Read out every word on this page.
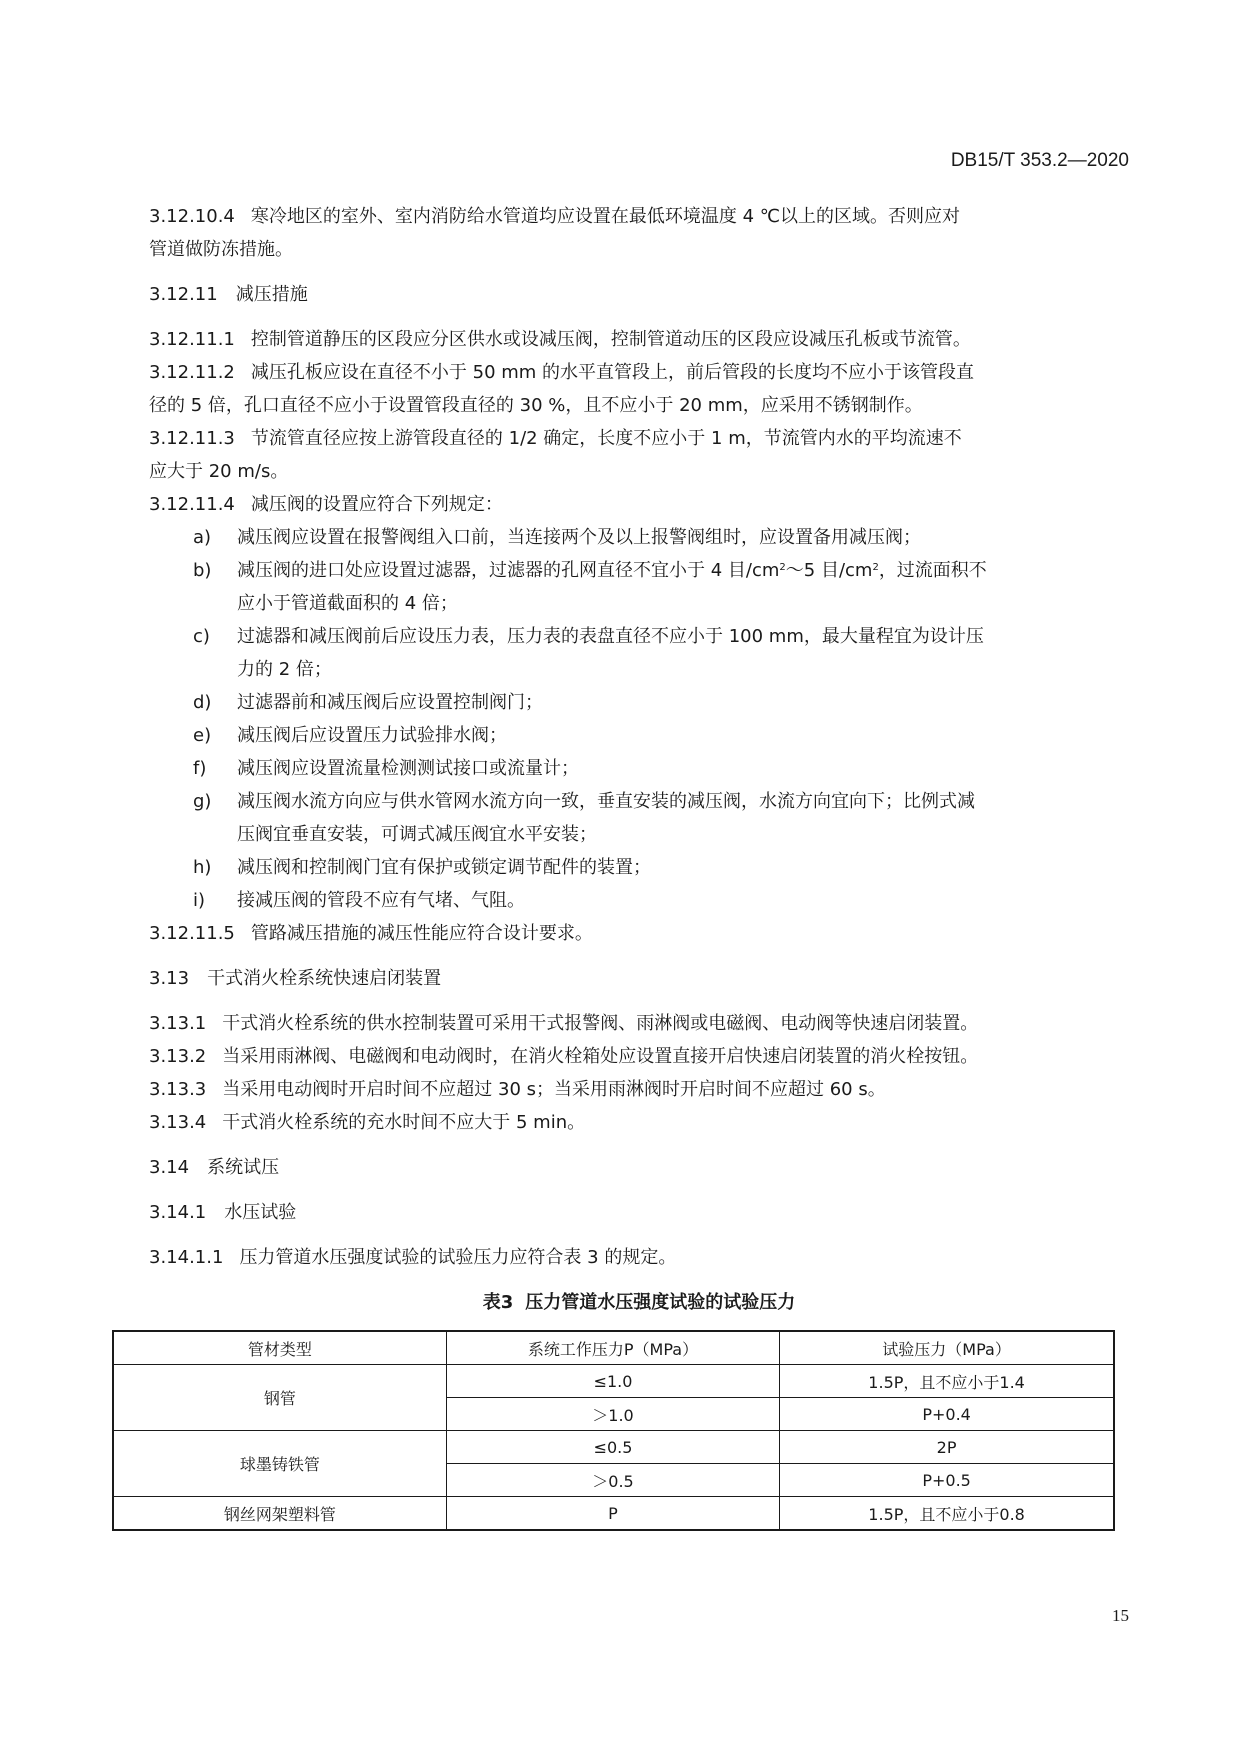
DB15/T 353.2—2020

3.12.10.4 寒冷地区的室外、室内消防给水管道均应设置在最低环境温度 4 ℃以上的区域。否则应对
管道做防冻措施。

3.12.11 减压措施

3.12.11.1 控制管道静压的区段应分区供水或设减压阀，控制管道动压的区段应设减压孔板或节流管。

3.12.11.2 减压孔板应设在直径不小于 50 mm 的水平直管段上，前后管段的长度均不应小于该管段直
径的 5 倍，孔口直径不应小于设置管段直径的 30 %，且不应小于 20 mm，应采用不锈钢制作。

3.12.11.3 节流管直径应按上游管段直径的 1/2 确定，长度不应小于 1 m，节流管内水的平均流速不
应大于 20 m/s。

3.12.11.4 减压阀的设置应符合下列规定：

a) 减压阀应设置在报警阀组入口前，当连接两个及以上报警阀组时，应设置备用减压阀；

b) 减压阀的进口处应设置过滤器，过滤器的孔网直径不宜小于 4 目$/cm^2\sim 5$ 目$/cm^2$，过流面积不
应小于管道截面积的 4 倍；

c) 过滤器和减压阀前后应设压力表，压力表的表盘直径不应小于 100 mm，最大量程宜为设计压
力的 2 倍；

d) 过滤器前和减压阀后应设置控制阀门；

e) 减压阀后应设置压力试验排水阀；

f) 减压阀应设置流量检测测试接口或流量计；

g) 减压阀水流方向应与供水管网水流方向一致，垂直安装的减压阀，水流方向宜向下；比例式减
压阀宜垂直安装，可调式减压阀宜水平安装；

h) 减压阀和控制阀门宜有保护或锁定调节配件的装置；

i) 接减压阀的管段不应有气堵、气阻。

3.12.11.5 管路减压措施的减压性能应符合设计要求。

3.13 干式消火栓系统快速启闭装置

3.13.1 干式消火栓系统的供水控制装置可采用干式报警阀、雨淋阀或电磁阀、电动阀等快速启闭装置。

3.13.2 当采用雨淋阀、电磁阀和电动阀时，在消火栓箱处应设置直接开启快速启闭装置的消火栓按钮。

3.13.3 当采用电动阀时开启时间不应超过 30 s；当采用雨淋阀时开启时间不应超过 60 s。

3.13.4 干式消火栓系统的充水时间不应大于 5 min。

3.14 系统试压

3.14.1 水压试验

3.14.1.1 压力管道水压强度试验的试验压力应符合表 3 的规定。

表3 压力管道水压强度试验的试验压力
管材类型	系统工作压力P（MPa）	试验压力（MPa）
钢管	≤1.0	1.5P，且不应小于1.4
	＞1.0	P+0.4
球墨铸铁管	≤0.5	2P
	＞0.5	P+0.5
钢丝网架塑料管	P	1.5P，且不应小于0.8
15
